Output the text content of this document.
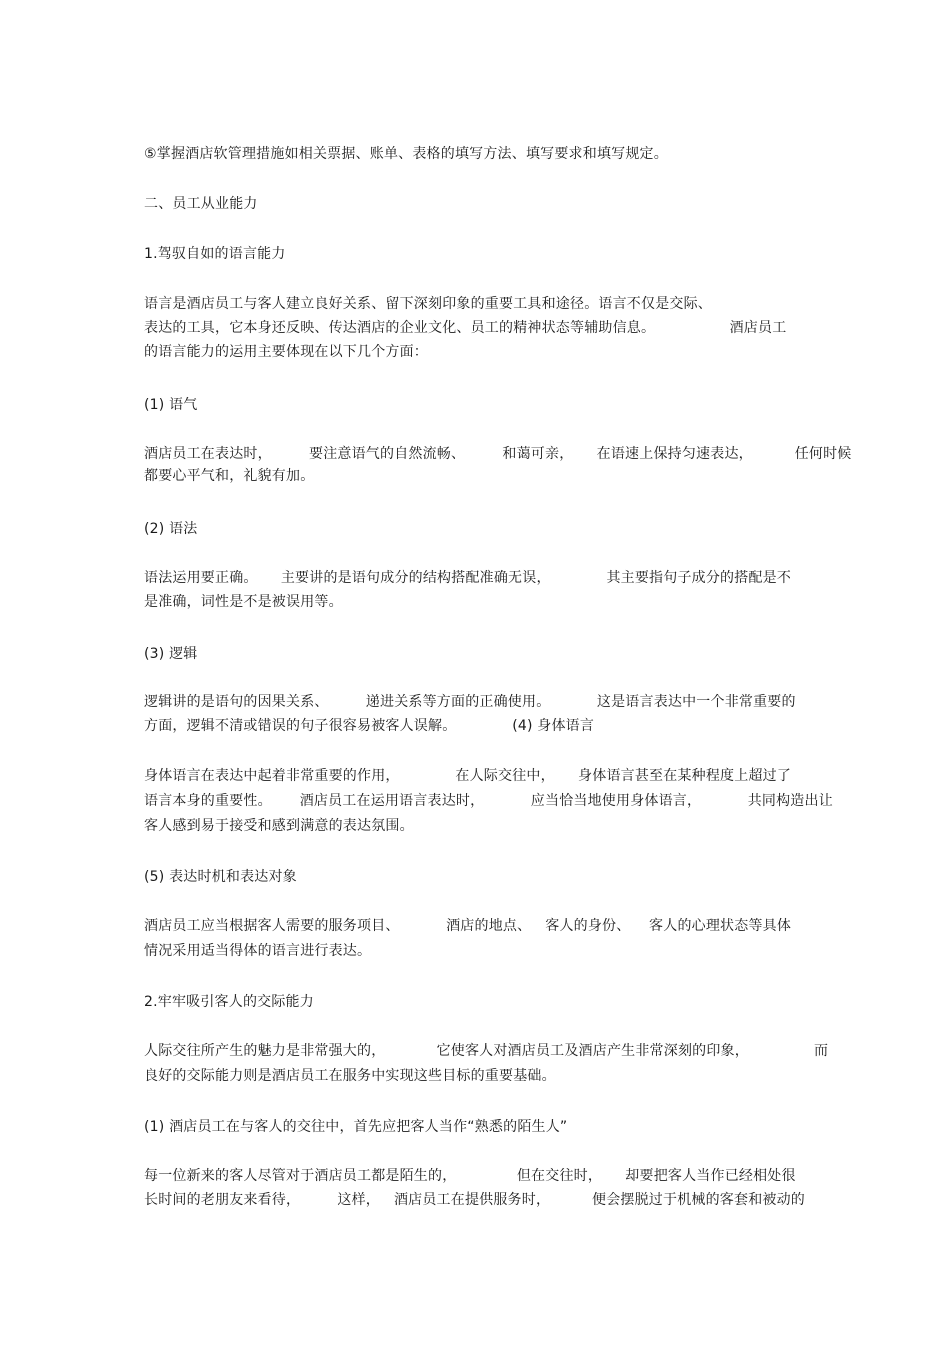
⑤掌握酒店软管理措施如相关票据、账单、表格的填写方法、填写要求和填写规定。
二、员工从业能力
1.驾驭自如的语言能力
语言是酒店员工与客人建立良好关系、留下深刻印象的重要工具和途径。语言不仅是交际、
表达的工具，它本身还反映、传达酒店的企业文化、员工的精神状态等辅助信息。                酒店员工
的语言能力的运用主要体现在以下几个方面：
(1) 语气
酒店员工在表达时，        要注意语气的自然流畅、        和蔼可亲，     在语速上保持匀速表达，         任何时候
都要心平气和，礼貌有加。
(2) 语法
语法运用要正确。     主要讲的是语句成分的结构搭配准确无误，            其主要指句子成分的搭配是不
是准确，词性是不是被误用等。
(3) 逻辑
逻辑讲的是语句的因果关系、        递进关系等方面的正确使用。          这是语言表达中一个非常重要的
方面，逻辑不清或错误的句子很容易被客人误解。            (4) 身体语言
身体语言在表达中起着非常重要的作用，            在人际交往中，     身体语言甚至在某种程度上超过了
语言本身的重要性。      酒店员工在运用语言表达时，          应当恰当地使用身体语言，          共同构造出让
客人感到易于接受和感到满意的表达氛围。
(5) 表达时机和表达对象
酒店员工应当根据客人需要的服务项目、          酒店的地点、   客人的身份、    客人的心理状态等具体
情况采用适当得体的语言进行表达。
2.牢牢吸引客人的交际能力
人际交往所产生的魅力是非常强大的，           它使客人对酒店员工及酒店产生非常深刻的印象，              而
良好的交际能力则是酒店员工在服务中实现这些目标的重要基础。
(1) 酒店员工在与客人的交往中，首先应把客人当作“熟悉的陌生人”
每一位新来的客人尽管对于酒店员工都是陌生的，             但在交往时，     却要把客人当作已经相处很
长时间的老朋友来看待，        这样，   酒店员工在提供服务时，         便会摆脱过于机械的客套和被动的
